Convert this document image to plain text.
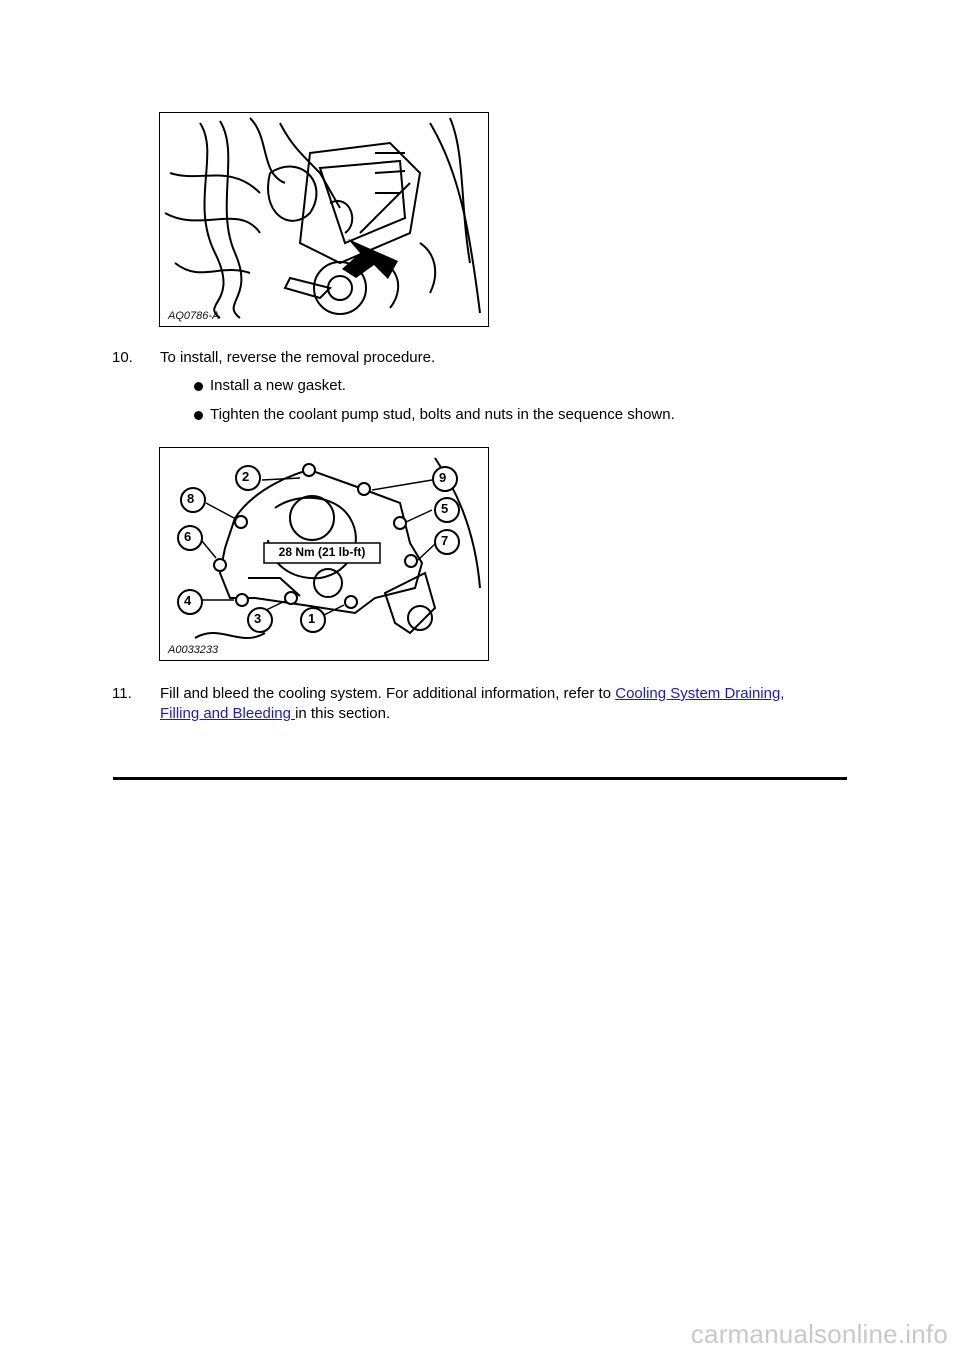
AQ0786-A
10.	To install, reverse the removal procedure.
Install a new gasket.
Tighten the coolant pump stud, bolts and nuts in the sequence shown.
2	9
8
5
6	7
4
3	1
28 Nm (21 lb-ft)
A0033233
11.	Fill and bleed the cooling system. For additional information, refer to Cooling System Draining,
Filling and Bleeding in this section.
carmanualsonline.info
